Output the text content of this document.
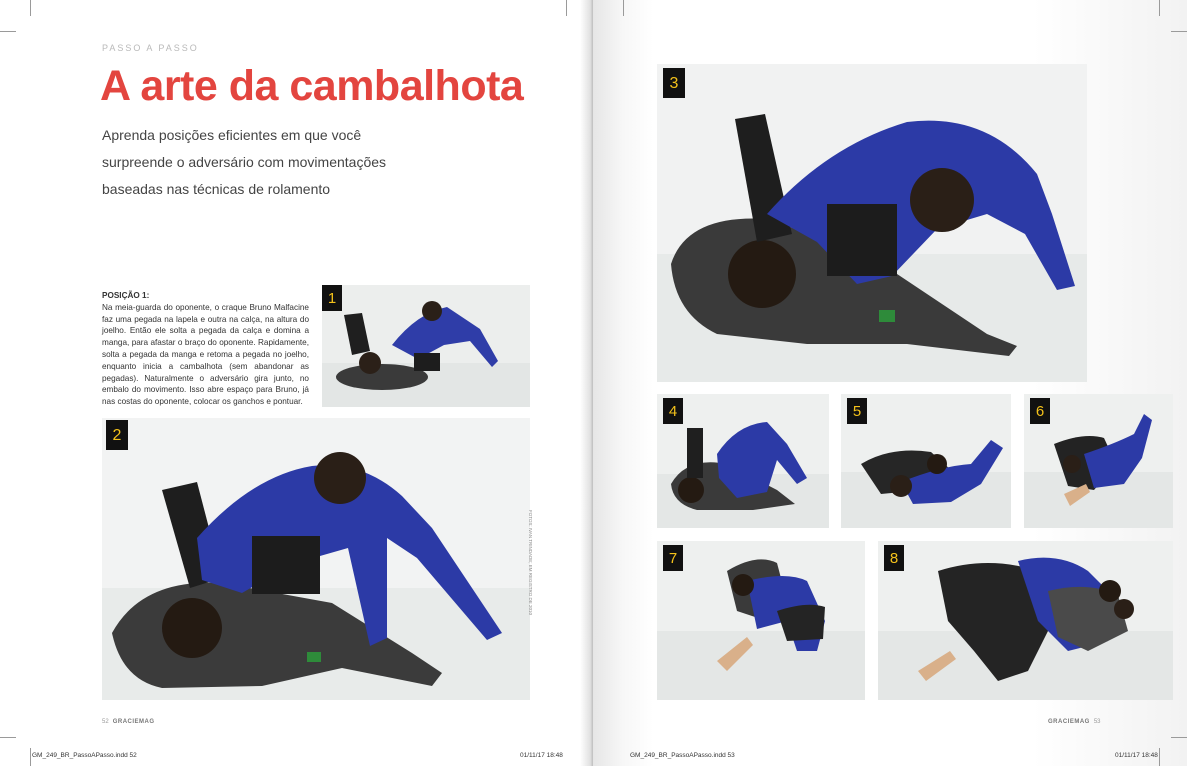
PASSO A PASSO
A arte da cambalhota
Aprenda posições eficientes em que você surpreende o adversário com movimentações baseadas nas técnicas de rolamento
POSIÇÃO 1:
Na meia-guarda do oponente, o craque Bruno Malfacine faz uma pegada na lapela e outra na calça, na altura do joelho. Então ele solta a pegada da calça e domina a manga, para afastar o braço do oponente. Rapidamente, solta a pegada da manga e retoma a pegada no joelho, enquanto inicia a cambalhota (sem abandonar as pegadas). Naturalmente o adversário gira junto, no embalo do movimento. Isso abre espaço para Bruno, já nas costas do oponente, colocar os ganchos e pontuar.
1
2
FOTOS: IVAN TRINDADE; EM REGISTRO DE 2010
52 GRACIEMAG
GM_249_BR_PassoAPasso.indd 52	01/11/17 18:48
3
4	5	6
7	8
GRACIEMAG 53
GM_249_BR_PassoAPasso.indd 53	01/11/17 18:48
